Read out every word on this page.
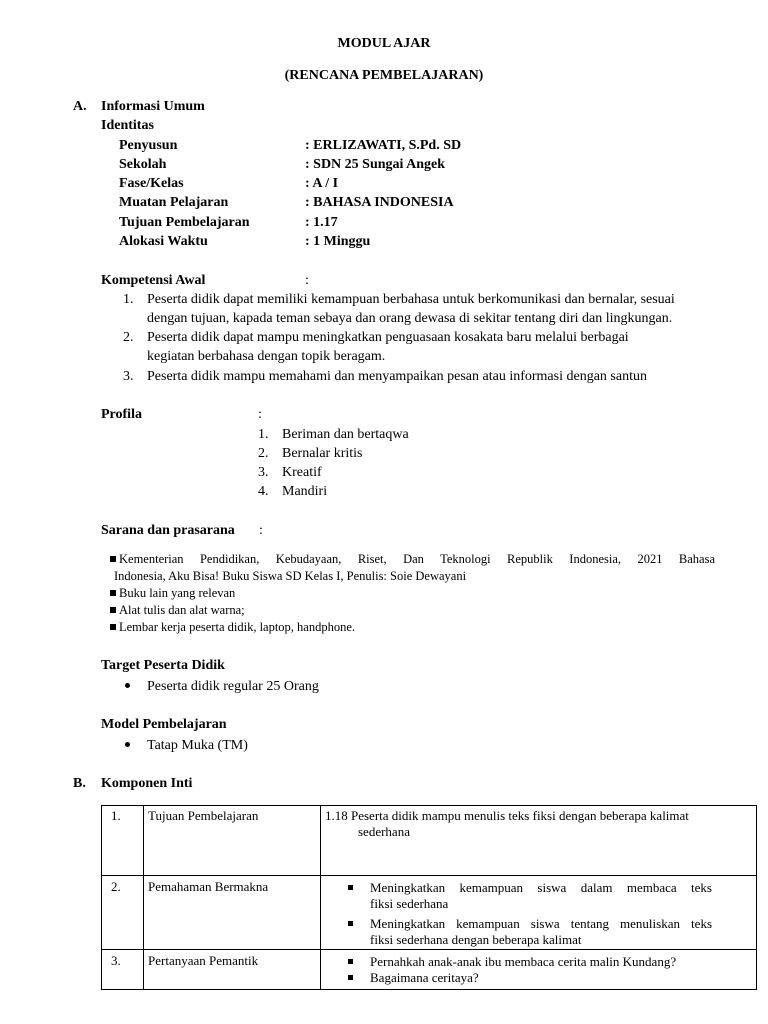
MODUL AJAR
(RENCANA PEMBELAJARAN)
A. Informasi Umum
Identitas
Penyusun	: ERLIZAWATI, S.Pd. SD
Sekolah	: SDN 25 Sungai Angek
Fase/Kelas	: A / I
Muatan Pelajaran	: BAHASA INDONESIA
Tujuan Pembelajaran	: 1.17
Alokasi Waktu	: 1 Minggu
Kompetensi Awal	:
1. Peserta didik dapat memiliki kemampuan berbahasa untuk berkomunikasi dan bernalar, sesuai
dengan tujuan, kapada teman sebaya dan orang dewasa di sekitar tentang diri dan lingkungan.
2. Peserta didik dapat mampu meningkatkan penguasaan kosakata baru melalui berbagai
kegiatan berbahasa dengan topik beragam.
3. Peserta didik mampu memahami dan menyampaikan pesan atau informasi dengan santun
Profila	:
1. Beriman dan bertaqwa
2. Bernalar kritis
3. Kreatif
4. Mandiri
Sarana dan prasarana :
Kementerian Pendidikan, Kebudayaan, Riset, Dan Teknologi Republik Indonesia, 2021 Bahasa
Indonesia, Aku Bisa! Buku Siswa SD Kelas I, Penulis: Soie Dewayani
Buku lain yang relevan
Alat tulis dan alat warna;
Lembar kerja peserta didik, laptop, handphone.
Target Peserta Didik
Peserta didik regular 25 Orang
Model Pembelajaran
Tatap Muka (TM)
B. Komponen Inti
1.	Tujuan Pembelajaran	1.18 Peserta didik mampu menulis teks fiksi dengan beberapa kalimat
sederhana

2.	Pemahaman Bermakna	Meningkatkan kemampuan siswa dalam membaca teks
fiksi sederhana
Meningkatkan kemampuan siswa tentang menuliskan teks
fiksi sederhana dengan beberapa kalimat

3.	Pertanyaan Pemantik	Pernahkah anak-anak ibu membaca cerita malin Kundang?
Bagaimana ceritaya?
